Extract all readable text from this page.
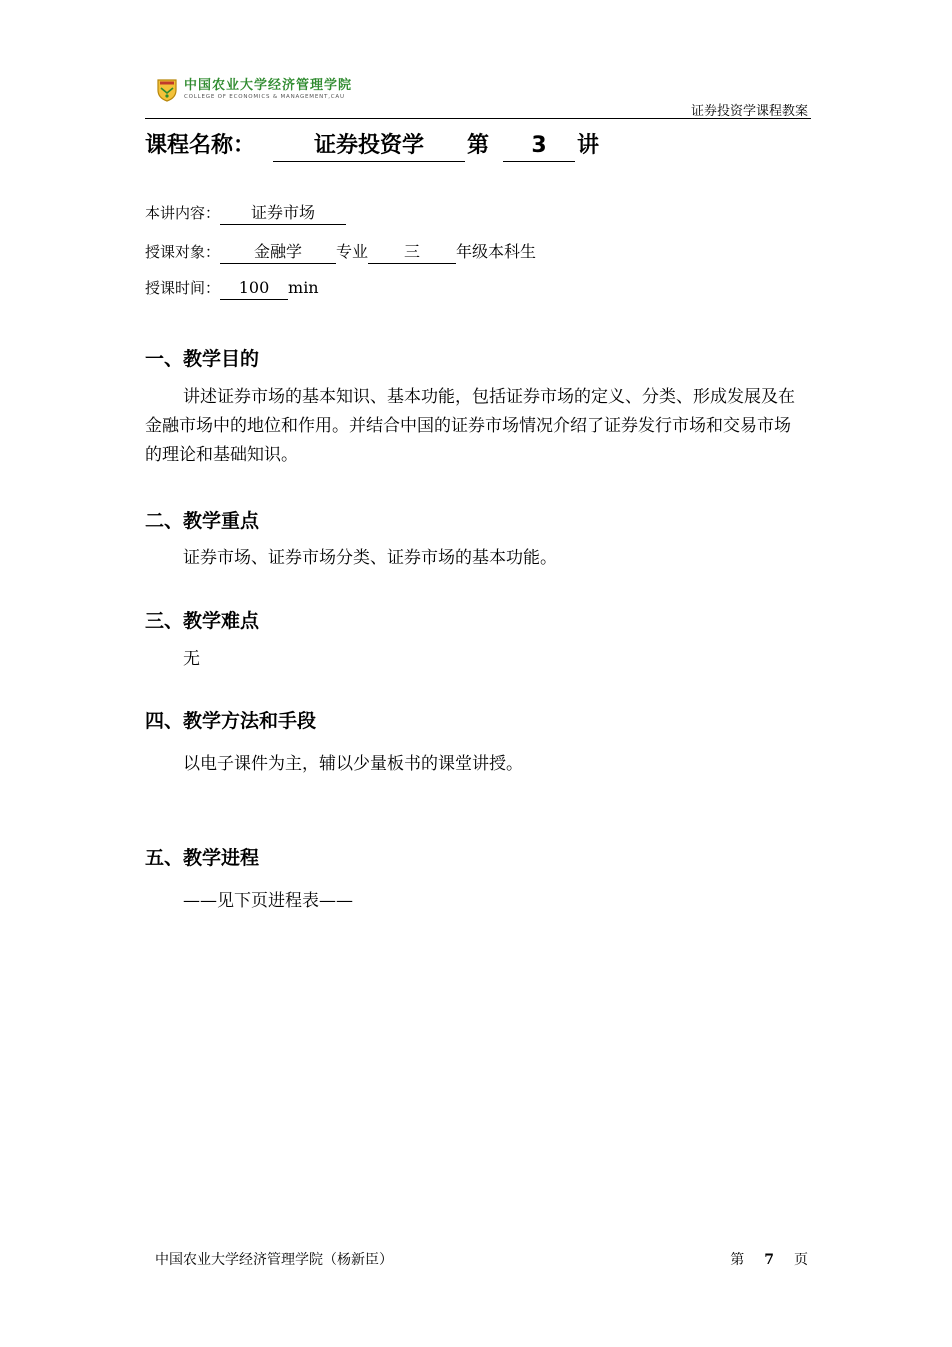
中国农业大学经济管理学院
COLLEGE OF ECONOMICS & MANAGEMENT,CAU
证券投资学课程教案
课程名称：	证券投资学	第	3	讲
本讲内容：	证券市场
授课对象：	金融学	专业	三	年级本科生
授课时间：	100	min
一、教学目的
讲述证券市场的基本知识、基本功能，包括证券市场的定义、分类、形成发展及在金融市场中的地位和作用。并结合中国的证券市场情况介绍了证券发行市场和交易市场的理论和基础知识。
二、教学重点
证券市场、证券市场分类、证券市场的基本功能。
三、教学难点
无
四、教学方法和手段
以电子课件为主，辅以少量板书的课堂讲授。
五、教学进程
——见下页进程表——
中国农业大学经济管理学院（杨新臣）	第 7 页
